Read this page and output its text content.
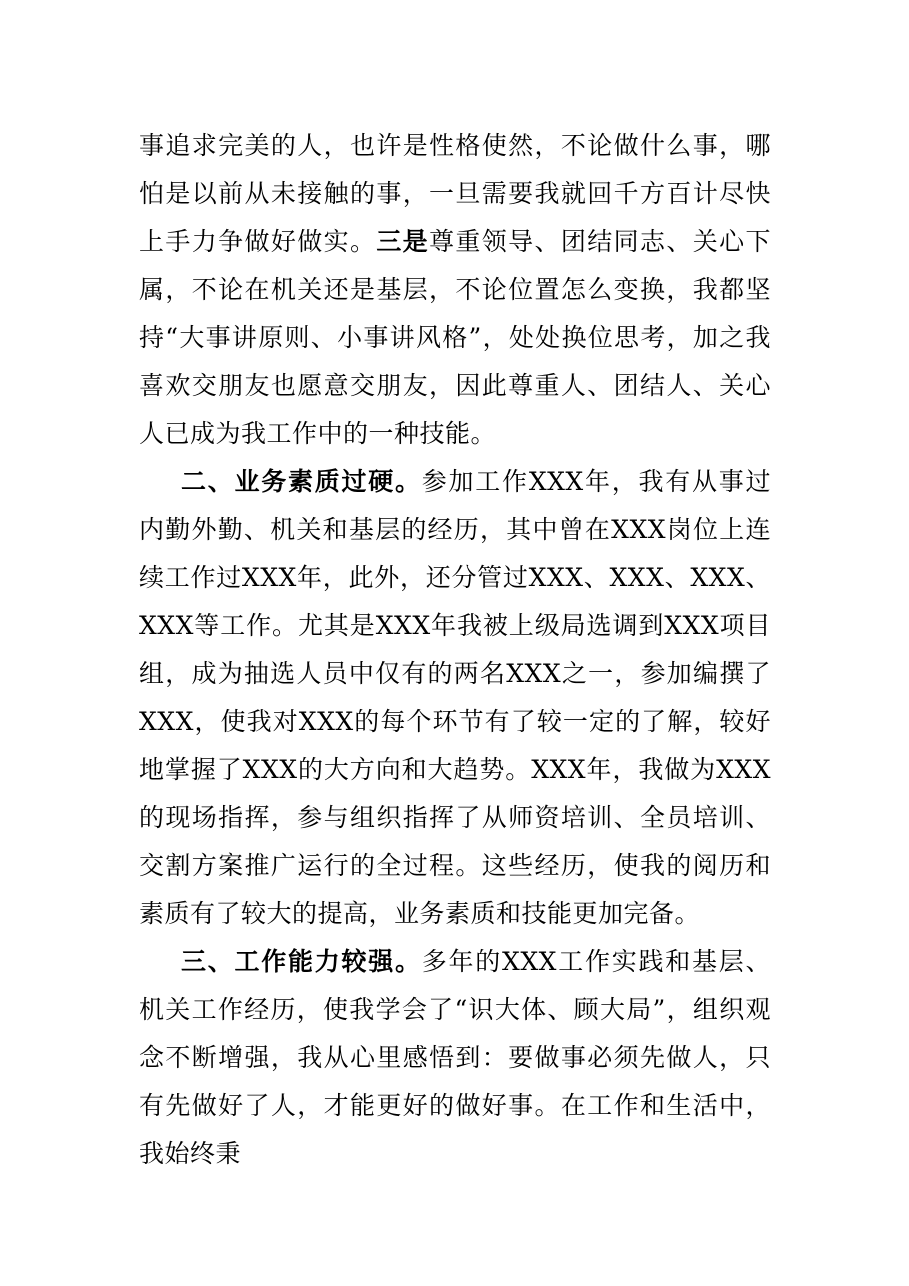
事追求完美的人，也许是性格使然，不论做什么事，哪怕是以前从未接触的事，一旦需要我就回千方百计尽快上手力争做好做实。三是尊重领导、团结同志、关心下属，不论在机关还是基层，不论位置怎么变换，我都坚持“大事讲原则、小事讲风格”，处处换位思考，加之我喜欢交朋友也愿意交朋友，因此尊重人、团结人、关心人已成为我工作中的一种技能。

二、业务素质过硬。参加工作XXX年，我有从事过内勤外勤、机关和基层的经历，其中曾在XXX岗位上连续工作过XXX年，此外，还分管过XXX、XXX、XXX、XXX等工作。尤其是XXX年我被上级局选调到XXX项目组，成为抽选人员中仅有的两名XXX之一，参加编撰了XXX，使我对XXX的每个环节有了较一定的了解，较好地掌握了XXX的大方向和大趋势。XXX年，我做为XXX的现场指挥，参与组织指挥了从师资培训、全员培训、交割方案推广运行的全过程。这些经历，使我的阅历和素质有了较大的提高，业务素质和技能更加完备。

三、工作能力较强。多年的XXX工作实践和基层、机关工作经历，使我学会了“识大体、顾大局”，组织观念不断增强，我从心里感悟到：要做事必须先做人，只有先做好了人，才能更好的做好事。在工作和生活中，我始终秉
